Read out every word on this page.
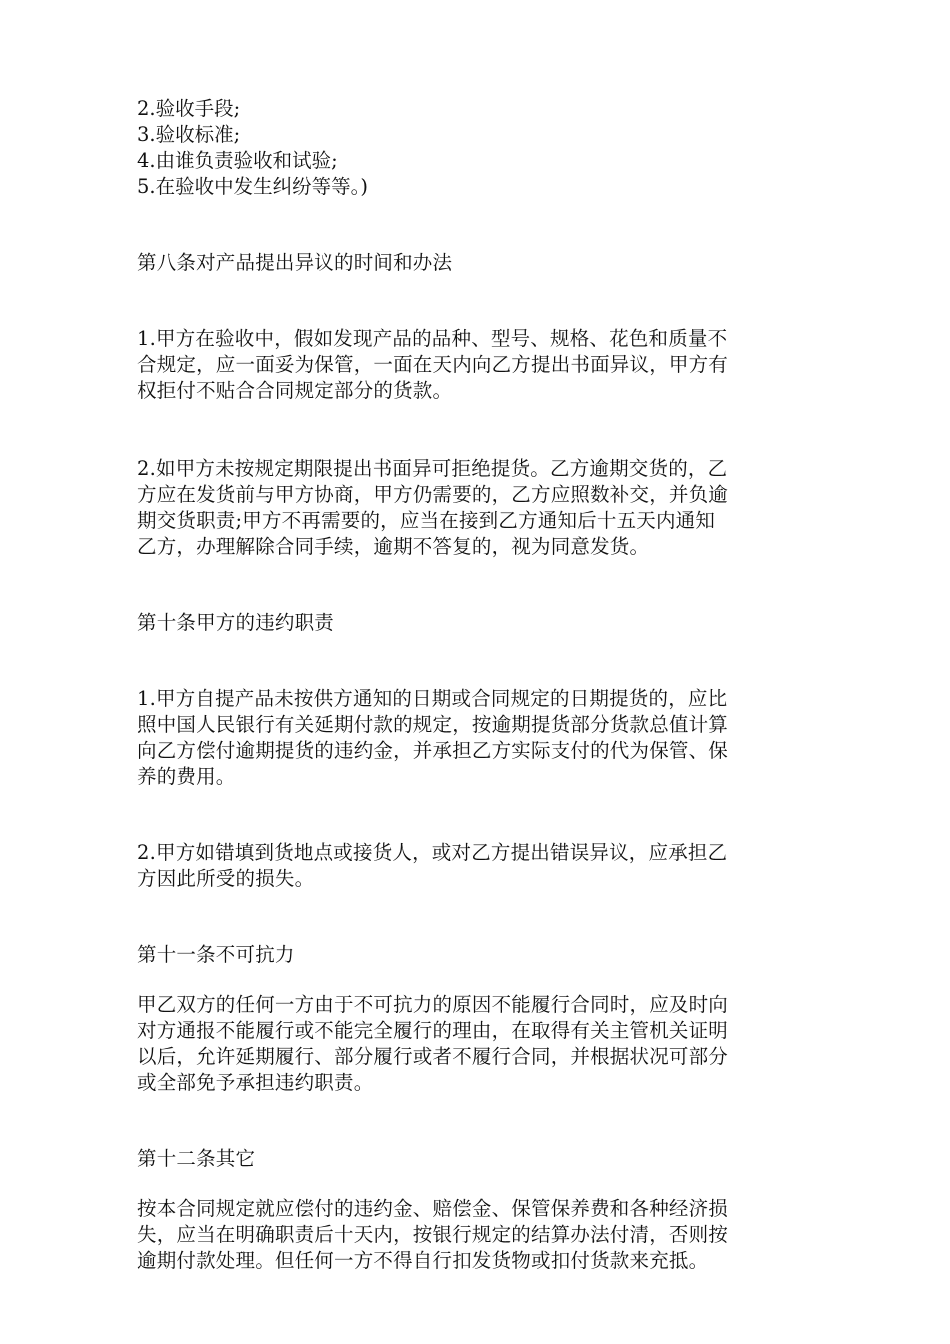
2.验收手段;
3.验收标准;
4.由谁负责验收和试验;
5.在验收中发生纠纷等等。)
第八条对产品提出异议的时间和办法
1.甲方在验收中，假如发现产品的品种、型号、规格、花色和质量不
合规定，应一面妥为保管，一面在天内向乙方提出书面异议，甲方有
权拒付不贴合合同规定部分的货款。
2.如甲方未按规定期限提出书面异可拒绝提货。乙方逾期交货的，乙
方应在发货前与甲方协商，甲方仍需要的，乙方应照数补交，并负逾
期交货职责;甲方不再需要的，应当在接到乙方通知后十五天内通知
乙方，办理解除合同手续，逾期不答复的，视为同意发货。
第十条甲方的违约职责
1.甲方自提产品未按供方通知的日期或合同规定的日期提货的，应比
照中国人民银行有关延期付款的规定，按逾期提货部分货款总值计算
向乙方偿付逾期提货的违约金，并承担乙方实际支付的代为保管、保
养的费用。
2.甲方如错填到货地点或接货人，或对乙方提出错误异议，应承担乙
方因此所受的损失。
第十一条不可抗力
甲乙双方的任何一方由于不可抗力的原因不能履行合同时，应及时向
对方通报不能履行或不能完全履行的理由，在取得有关主管机关证明
以后，允许延期履行、部分履行或者不履行合同，并根据状况可部分
或全部免予承担违约职责。
第十二条其它
按本合同规定就应偿付的违约金、赔偿金、保管保养费和各种经济损
失，应当在明确职责后十天内，按银行规定的结算办法付清，否则按
逾期付款处理。但任何一方不得自行扣发货物或扣付货款来充抵。
